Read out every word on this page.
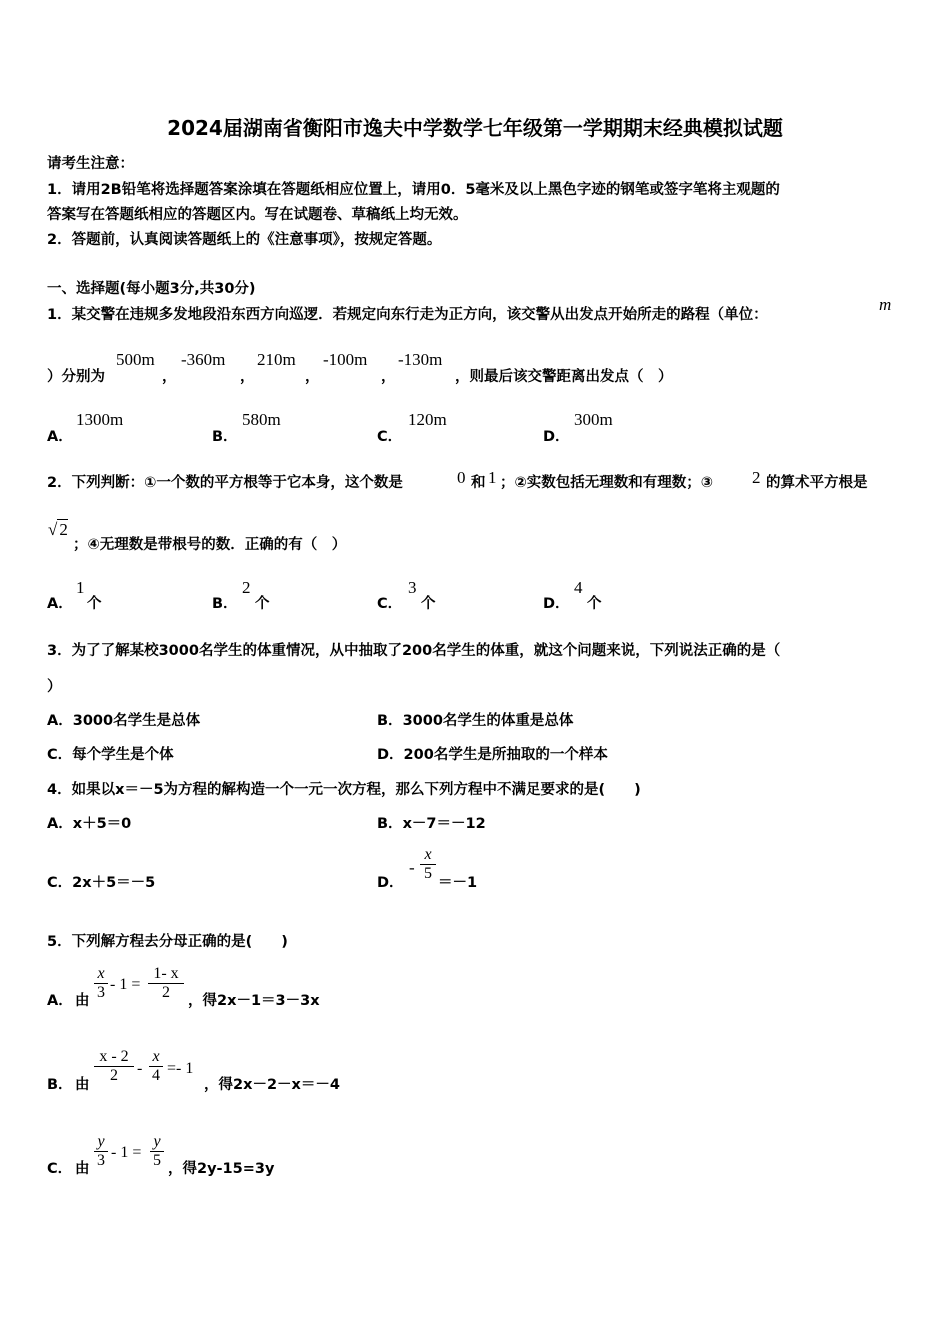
2024届湖南省衡阳市逸夫中学数学七年级第一学期期末经典模拟试题
请考生注意：
1．请用2B铅笔将选择题答案涂填在答题纸相应位置上，请用0．5毫米及以上黑色字迹的钢笔或签字笔将主观题的
答案写在答题纸相应的答题区内。写在试题卷、草稿纸上均无效。
2．答题前，认真阅读答题纸上的《注意事项》，按规定答题。
一、选择题(每小题3分,共30分)
1．某交警在违规多发地段沿东西方向巡逻．若规定向东行走为正方向，该交警从出发点开始所走的路程（单位：
m
）分别为
500m
，
-360m
，
210m
，
-100m
，
-130m
，则最后该交警距离出发点（　）
A．
1300m
B．
580m
C．
120m
D．
300m
2．下列判断：①一个数的平方根等于它本身，这个数是	0 和 1 ；②实数包括无理数和有理数；③ 2 的算术平方根是
√ 2
；④无理数是带根号的数．正确的有（　）
A．
1
个	B．
2
个	C．
3
个	D．
4
个
3．为了了解某校3000名学生的体重情况，从中抽取了200名学生的体重，就这个问题来说，下列说法正确的是（
）
A．3000名学生是总体	B．3000名学生的体重是总体
C．每个学生是个体	D．200名学生是所抽取的一个样本
4．如果以x＝－5为方程的解构造一个一元一次方程，那么下列方程中不满足要求的是(　　)
A．x＋5＝0	B．x－7＝－12
C．2x＋5＝－5	D．
-
x
5
＝－1
5．下列解方程去分母正确的是(　　)
A． 由
x
3 - 1 =
1- x
2	，得2x－1＝3－3x
B． 由
x - 2
2	-
x
4 =- 1
，得2x－2－x＝－4
C． 由
y
3 - 1 =
y
5 ，得2y-15=3y
